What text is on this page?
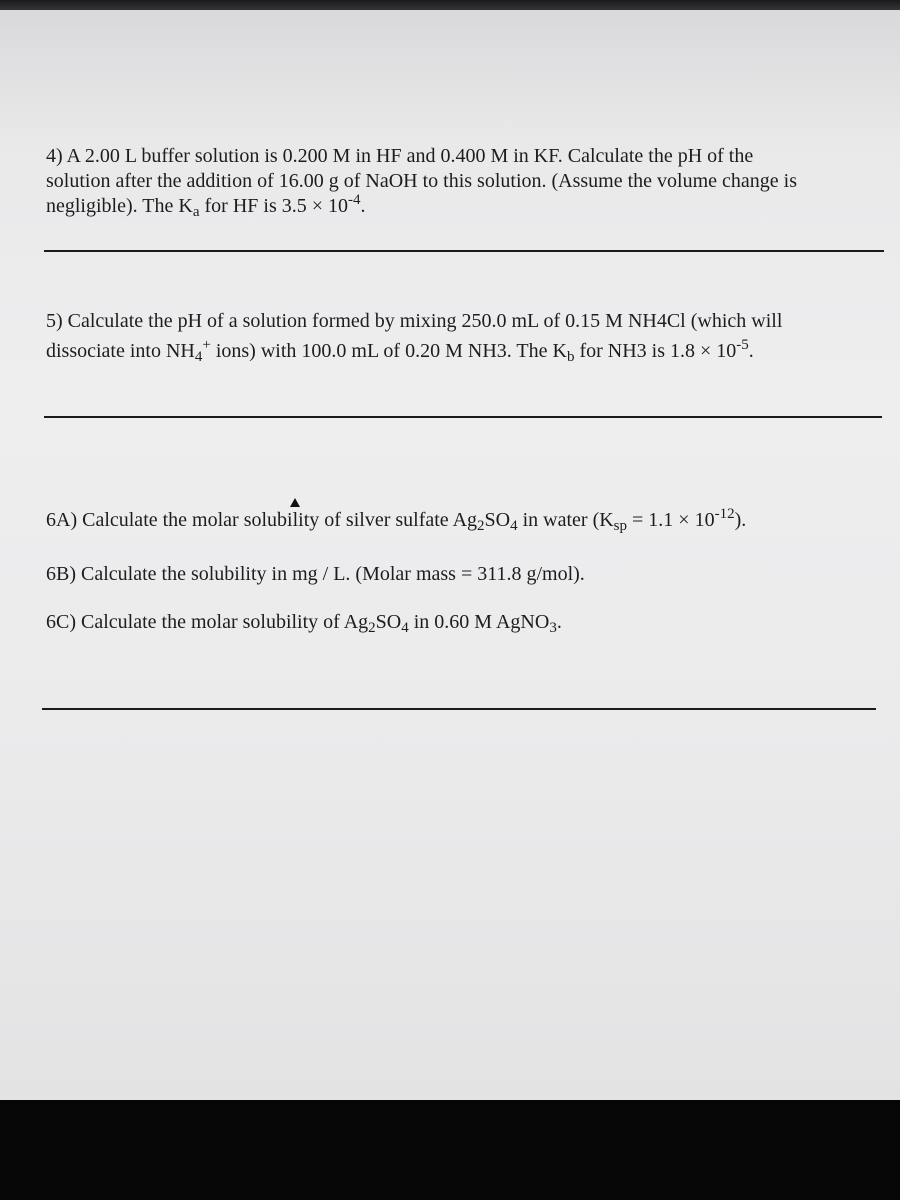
4) A 2.00 L buffer solution is 0.200 M in HF and 0.400 M in KF. Calculate the pH of the
solution after the addition of 16.00 g of NaOH to this solution. (Assume the volume change is
negligible). The $K_a$ for HF is $3.5 \times 10^{-4}$.

5) Calculate the pH of a solution formed by mixing 250.0 mL of 0.15 M NH4Cl (which will
dissociate into $NH_4^+$ ions) with 100.0 mL of 0.20 M NH3. The $K_b$ for NH3 is $1.8 \times 10^{-5}$.

6A) Calculate the molar solubility of silver sulfate $Ag_2SO_4$ in water $(K_{sp} = 1.1 \times 10^{-12})$.

6B) Calculate the solubility in mg / L. (Molar mass = 311.8 g/mol).

6C) Calculate the molar solubility of $Ag_2SO_4$ in 0.60 M AgNO$_3$.
